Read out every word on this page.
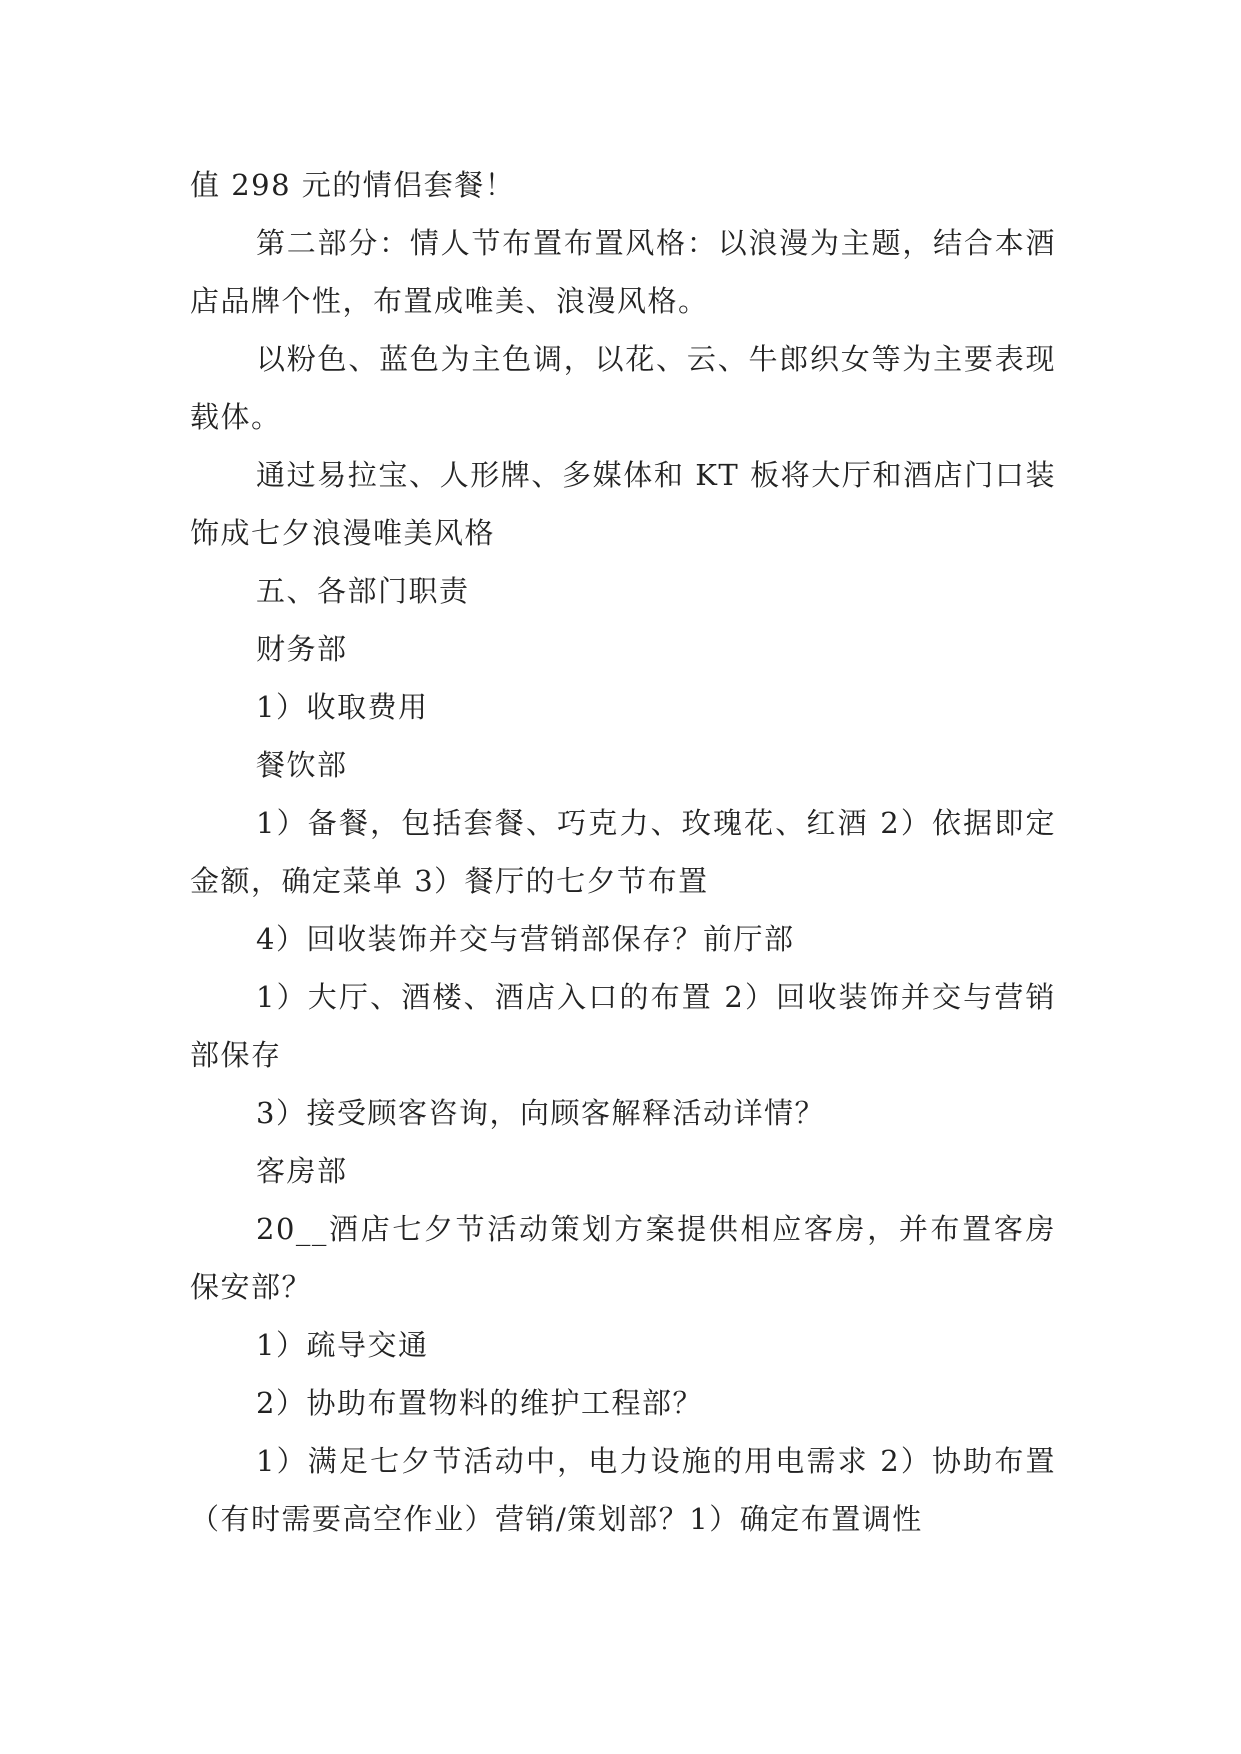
值 298 元的情侣套餐！

第二部分：情人节布置布置风格：以浪漫为主题，结合本酒店品牌个性，布置成唯美、浪漫风格。

以粉色、蓝色为主色调，以花、云、牛郎织女等为主要表现载体。

通过易拉宝、人形牌、多媒体和 KT 板将大厅和酒店门口装饰成七夕浪漫唯美风格

五、各部门职责

财务部

1）收取费用

餐饮部

1）备餐，包括套餐、巧克力、玫瑰花、红酒 2）依据即定金额，确定菜单 3）餐厅的七夕节布置

4）回收装饰并交与营销部保存？前厅部

1）大厅、酒楼、酒店入口的布置 2）回收装饰并交与营销部保存

3）接受顾客咨询，向顾客解释活动详情？

客房部

20__酒店七夕节活动策划方案提供相应客房，并布置客房保安部？

1）疏导交通

2）协助布置物料的维护工程部？

1）满足七夕节活动中，电力设施的用电需求 2）协助布置（有时需要高空作业）营销/策划部？1）确定布置调性
